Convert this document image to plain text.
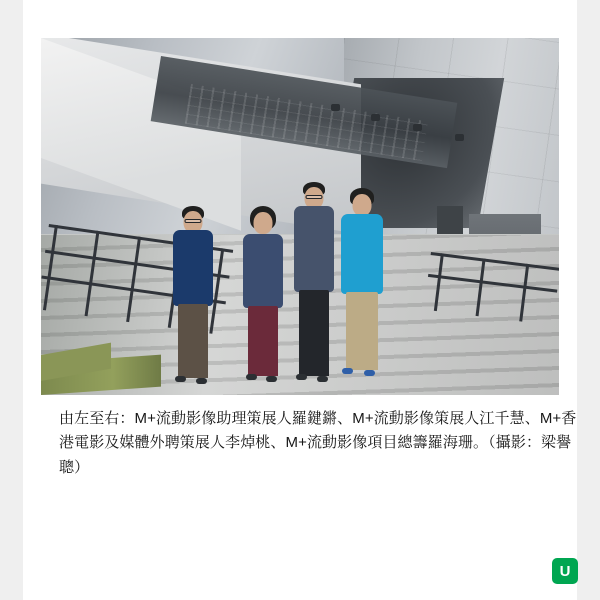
由左至右：M+流動影像助理策展人羅鍵鏘、M+流動影像策展人江千慧、M+香港電影及媒體外聘策展人李焯桃、M+流動影像項目總籌羅海珊。（攝影：梁譽聰）
U
